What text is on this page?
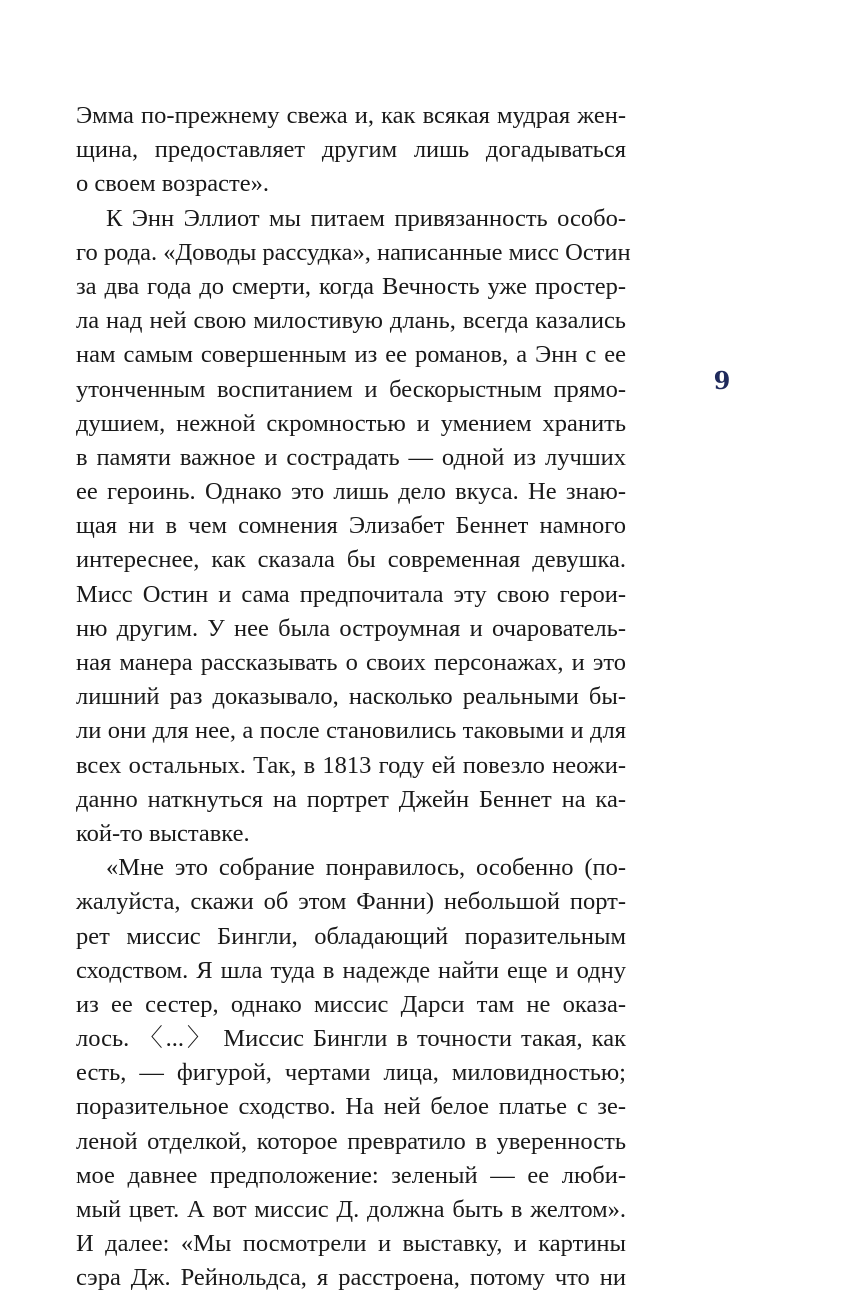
Эмма по-прежнему свежа и, как всякая мудрая жен-
щина, предоставляет другим лишь догадываться
о своем возрасте».
К Энн Эллиот мы питаем привязанность особо-
го рода. «Доводы рассудка», написанные мисс Остин
за два года до смерти, когда Вечность уже простер-
ла над ней свою милостивую длань, всегда казались
нам самым совершенным из ее романов, а Энн с ее
утонченным воспитанием и бескорыстным прямо-
душием, нежной скромностью и умением хранить
в памяти важное и сострадать — одной из лучших
ее героинь. Однако это лишь дело вкуса. Не знаю-
щая ни в чем сомнения Элизабет Беннет намного
интереснее, как сказала бы современная девушка.
Мисс Остин и сама предпочитала эту свою герои-
ню другим. У нее была остроумная и очарователь-
ная манера рассказывать о своих персонажах, и это
лишний раз доказывало, насколько реальными бы-
ли они для нее, а после становились таковыми и для
всех остальных. Так, в 1813 году ей повезло неожи-
данно наткнуться на портрет Джейн Беннет на ка-
кой-то выставке.
«Мне это собрание понравилось, особенно (по-
жалуйста, скажи об этом Фанни) небольшой порт-
рет миссис Бингли, обладающий поразительным
сходством. Я шла туда в надежде найти еще и одну
из ее сестер, однако миссис Дарси там не оказа-
лось. 〈...〉 Миссис Бингли в точности такая, как
есть, — фигурой, чертами лица, миловидностью;
поразительное сходство. На ней белое платье с зе-
леной отделкой, которое превратило в уверенность
мое давнее предположение: зеленый — ее люби-
мый цвет. А вот миссис Д. должна быть в желтом».
И далее: «Мы посмотрели и выставку, и картины
сэра Дж. Рейнольдса, я расстроена, потому что ни
9
